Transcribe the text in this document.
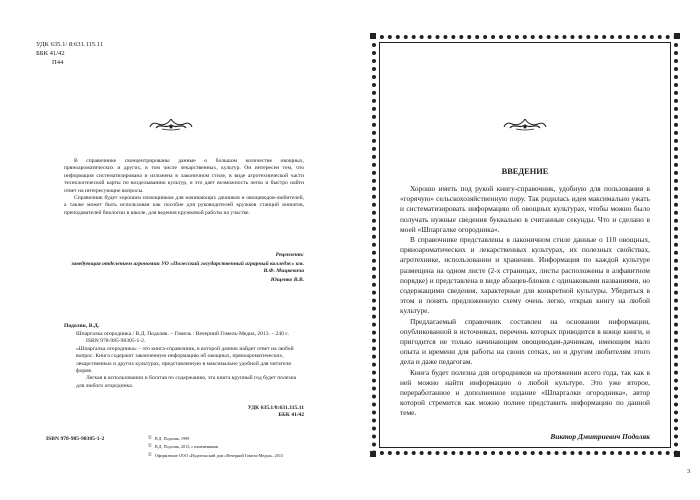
УДК 635.1/ 8:631.115.11
ББК 41/42
П44

В справочнике сконцентрированы данные о большом количестве овощных, пряноароматических и других, в том числе лекарственных, культур. Он интересен тем, что информация систематизирована и изложена в лаконичном стиле, в виде агротехнической части технологической карты по возделыванию культур, и это дает возможность легко и быстро найти ответ на интересующие вопросы.

Справочник будет хорошим помощником для начинающих дачников и овощеводов-любителей, а также может быть использован как пособие для руководителей кружков станций юннатов, преподавателей биологии в школе, для ведения кружковой работы на участке.

Рецензент:

заведующая отделением агрономии УО «Полесский государственный аграрный колледж» им. В.Ф. Мицкевича
Ющенко В.В.
Подоляк, В.Д.

Шпаргалка огородника / В.Д. Подоляк. – Гомель : Вечерний Гомель-Медиа, 2013. – 240 с.

ISBN 978-985-90305-1-2.

«Шпаргалка огородника» – это книга-справочник, в которой дачник найдет ответ на любой вопрос. Книга содержит законченную информацию об овощных, пряноароматических, лекарственных и других культурах, представленную в максимально удобной для читателя форме.

Легкая в использовании и богатая по содержанию, эта книга крупный год будет полезна для любого огородника.

УДК 635.1/8:631.115.11
ББК 41/42
ISBN 978-985-90305-1-2	© В.Д. Подоляк, 1999
© В.Д. Подоляк, 2013, с изменениями
© Оформление ООО «Издательский дом «Вечерний Гомель-Медиа», 2013
ВВЕДЕНИЕ

Хорошо иметь под рукой книгу-справочник, удобную для пользования в «горячую» сельскохозяйственную пору. Так родилась идея максимально ужать и систематизировать информацию об овощных культурах, чтобы можно было получать нужные сведения буквально в считанные секунды. Что и сделано в моей «Шпаргалке огородника».

В справочнике представлены в лаконичном стиле данные о 110 овощных, пряноароматических и лекарственных культурах, их полезных свойствах, агротехнике, использовании и хранении. Информация по каждой культуре размещена на одном листе (2-х страницах, листы расположены в алфавитном порядке) и представлена в виде абзацев-блоков с одинаковыми названиями, но содержащими сведения, характерные для конкретной культуры. Убедиться в этом и понять предложенную схему очень легко, открыв книгу на любой культуре.

Предлагаемый справочник составлен на основании информации, опубликованной в источниках, перечень которых приводится в конце книги, и пригодится не только начинающим овощеводам-дачникам, имеющим мало опыта и времени для работы на своих сотках, но и другим любителям этого дела и даже педагогам.

Книга будет полезна для огородников на протяжении всего года, так как в ней можно найти информацию о любой культуре. Это уже второе, переработанное и дополненное издание «Шпаргалки огородника», автор которой стремится как можно полнее представить информацию по данной теме.

Виктор Дмитриевич Подоляк
3
